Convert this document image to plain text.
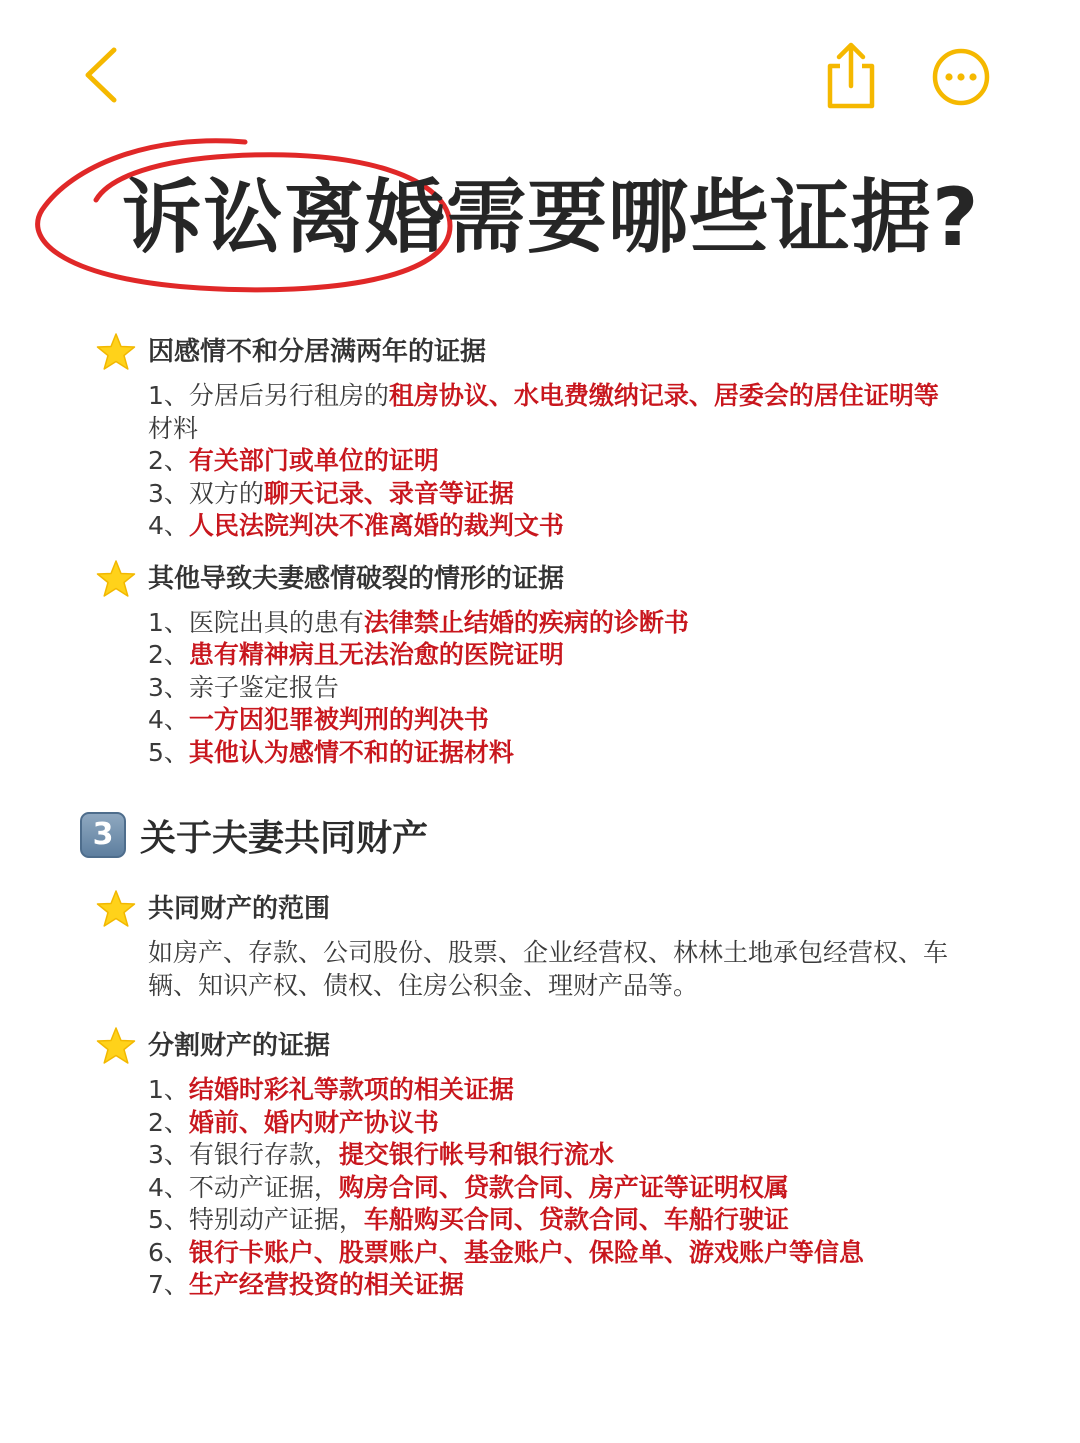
诉讼离婚需要哪些证据?
因感情不和分居满两年的证据
1、分居后另行租房的租房协议、水电费缴纳记录、居委会的居住证明等材料
2、有关部门或单位的证明
3、双方的聊天记录、录音等证据
4、人民法院判决不准离婚的裁判文书
其他导致夫妻感情破裂的情形的证据
1、医院出具的患有法律禁止结婚的疾病的诊断书
2、患有精神病且无法治愈的医院证明
3、亲子鉴定报告
4、一方因犯罪被判刑的判决书
5、其他认为感情不和的证据材料
3 关于夫妻共同财产
共同财产的范围

如房产、存款、公司股份、股票、企业经营权、林林土地承包经营权、车辆、知识产权、债权、住房公积金、理财产品等。

分割财产的证据
1、结婚时彩礼等款项的相关证据
2、婚前、婚内财产协议书
3、有银行存款，提交银行帐号和银行流水
4、不动产证据，购房合同、贷款合同、房产证等证明权属
5、特别动产证据，车船购买合同、贷款合同、车船行驶证
6、银行卡账户、股票账户、基金账户、保险单、游戏账户等信息
7、生产经营投资的相关证据
